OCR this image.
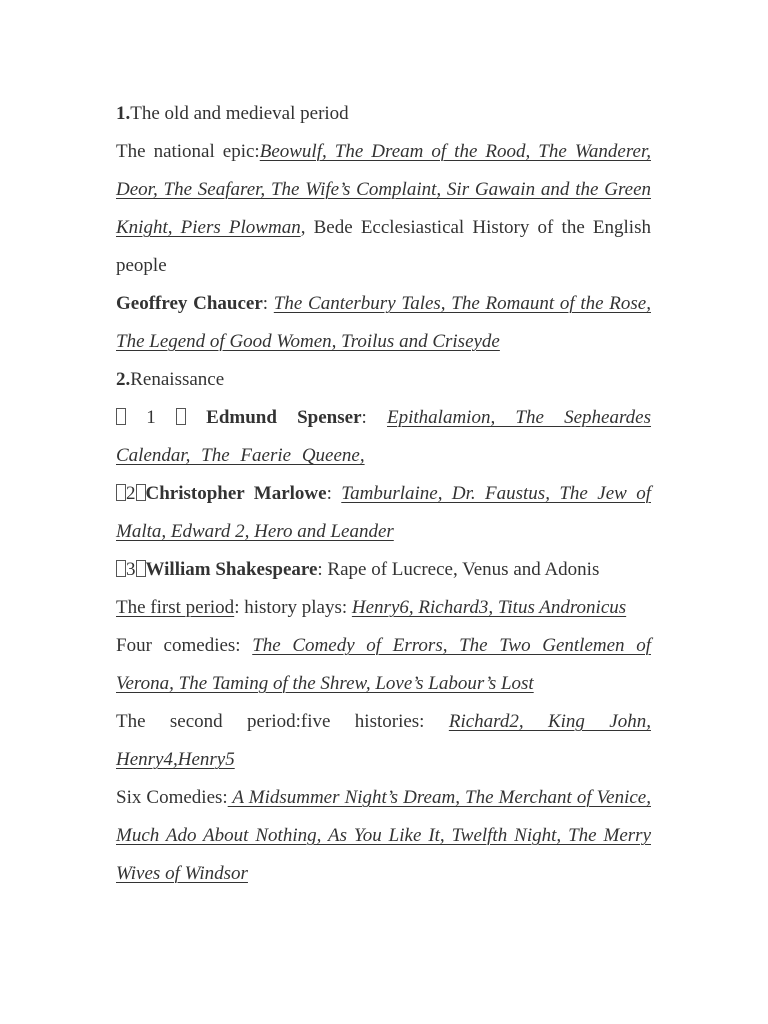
1.The old and medieval period

The national epic:Beowulf, The Dream of the Rood, The Wanderer, Deor, The Seafarer, The Wife’s Complaint, Sir Gawain and the Green Knight, Piers Plowman, Bede Ecclesiastical History of the English people

Geoffrey Chaucer: The Canterbury Tales, The Romaunt of the Rose, The Legend of Good Women, Troilus and Criseyde

2.Renaissance

1  Edmund Spenser: Epithalamion, The Sepheardes Calendar, The Faerie Queene,

2 Christopher Marlowe: Tamburlaine, Dr. Faustus, The Jew of Malta, Edward 2, Hero and Leander

3 William Shakespeare: Rape of Lucrece, Venus and Adonis

The first period: history plays: Henry6, Richard3, Titus Andronicus

Four comedies: The Comedy of Errors, The Two Gentlemen of Verona, The Taming of the Shrew, Love’s Labour’s Lost

The second period:five histories: Richard2, King John, Henry4,Henry5

Six Comedies: A Midsummer Night’s Dream, The Merchant of Venice, Much Ado About Nothing, As You Like It, Twelfth Night, The Merry Wives of Windsor
